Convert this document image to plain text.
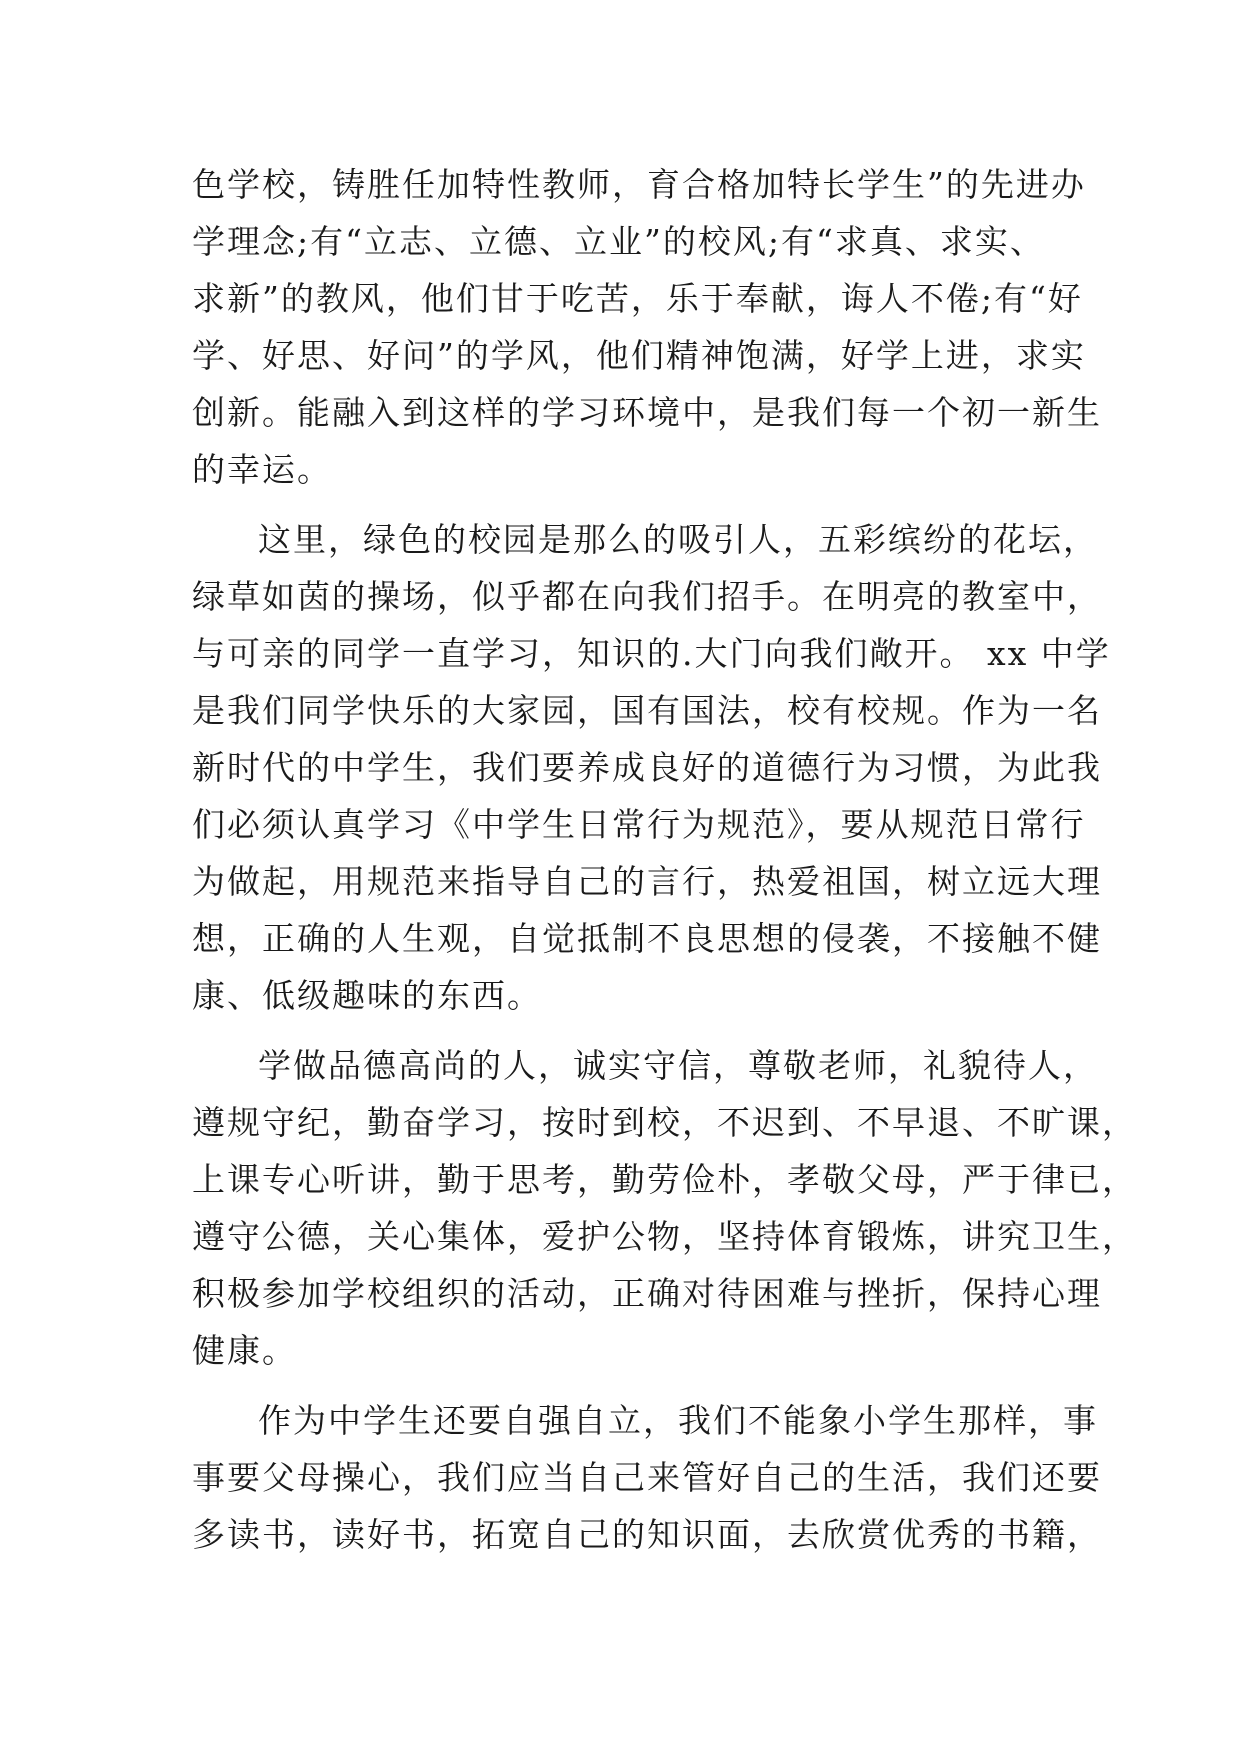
色学校，铸胜任加特性教师，育合格加特长学生”的先进办
学理念;有“立志、立德、立业”的校风;有“求真、求实、
求新”的教风，他们甘于吃苦，乐于奉献，诲人不倦;有“好
学、好思、好问”的学风，他们精神饱满，好学上进，求实
创新。能融入到这样的学习环境中，是我们每一个初一新生
的幸运。
这里，绿色的校园是那么的吸引人，五彩缤纷的花坛，
绿草如茵的操场，似乎都在向我们招手。在明亮的教室中，
与可亲的同学一直学习，知识的.大门向我们敞开。 xx 中学
是我们同学快乐的大家园，国有国法，校有校规。作为一名
新时代的中学生，我们要养成良好的道德行为习惯，为此我
们必须认真学习《中学生日常行为规范》，要从规范日常行
为做起，用规范来指导自己的言行，热爱祖国，树立远大理
想，正确的人生观，自觉抵制不良思想的侵袭，不接触不健
康、低级趣味的东西。
学做品德高尚的人，诚实守信，尊敬老师，礼貌待人，
遵规守纪，勤奋学习，按时到校，不迟到、不早退、不旷课，
上课专心听讲，勤于思考，勤劳俭朴，孝敬父母，严于律已，
遵守公德，关心集体，爱护公物，坚持体育锻炼，讲究卫生，
积极参加学校组织的活动，正确对待困难与挫折，保持心理
健康。
作为中学生还要自强自立，我们不能象小学生那样，事
事要父母操心，我们应当自己来管好自己的生活，我们还要
多读书，读好书，拓宽自己的知识面，去欣赏优秀的书籍，
